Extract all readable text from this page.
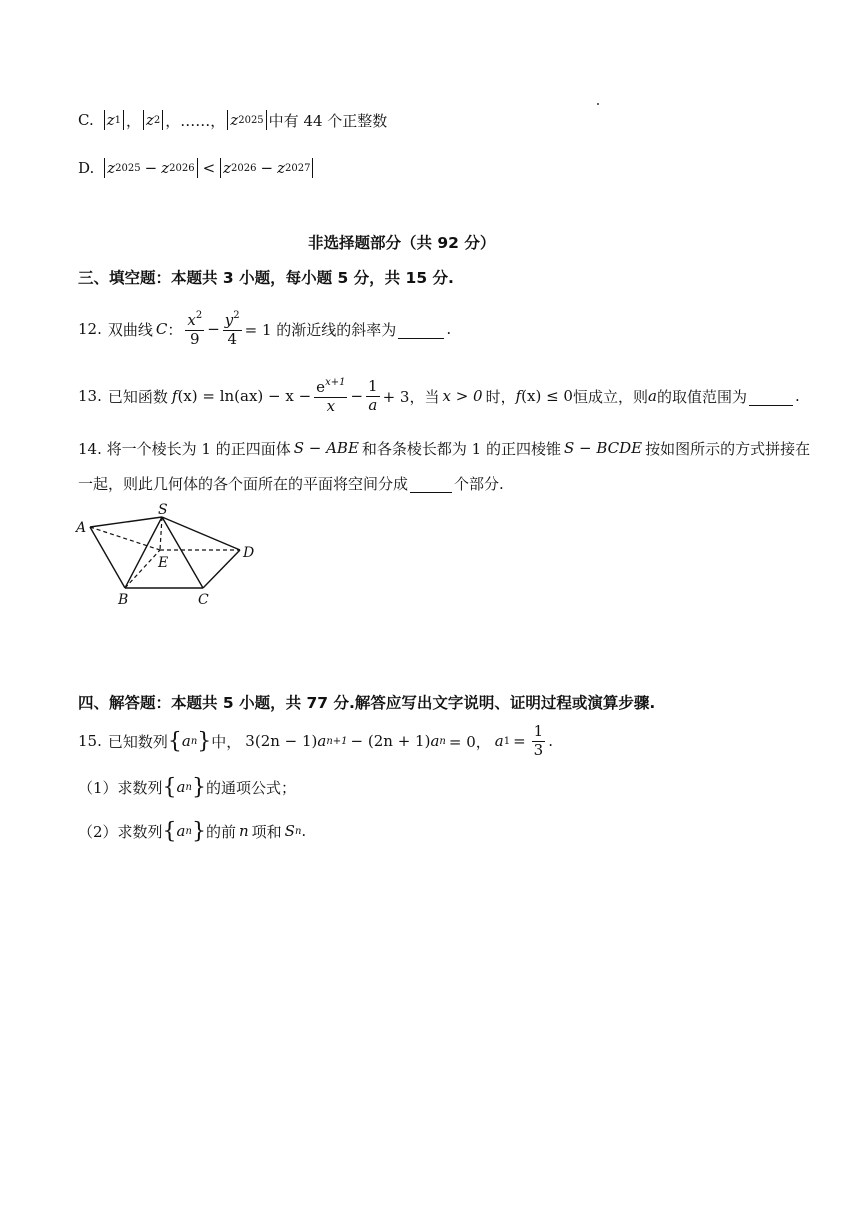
C. z 1 ， z 2 ，……， z 2025 中有 44 个正整数
D. z 2025 − z 2026 < z 2026 − z 2027
非选择题部分（共 92 分）
三、填空题：本题共 3 小题，每小题 5 分，共 15 分.
12. 双曲线 C ： $\frac{x^2}{9} - \frac{y^2}{4} = 1$ 的渐近线的斜率为
	.
13. 已知函数 f $(x) = \ln(ax) - x - \frac{e^{x+1}}{x} - \frac{1}{a} + 3$，当 x > 0 时， f (x) ≤ 0 恒成立，则 a 的取值范围为
	.
14. 将一个棱长为 1 的正四面体 S − ABE 和各条棱长都为 1 的正四棱锥 S − BCDE 按如图所示的方式拼接在
一起，则此几何体的各个面所在的平面将空间分成
	个部分.
A
S
D
E
B	C
四、解答题：本题共 5 小题，共 77 分.解答应写出文字说明、证明过程或演算步骤.
15. 已知数列 { a n } 中， 3(2n − 1) a n+1 − (2n + 1) a n = 0， a $1 = \frac{1}{3}$ .
（1）求数列 { a n } 的通项公式；
（2）求数列 { a n } 的前 n 项和 S n .
